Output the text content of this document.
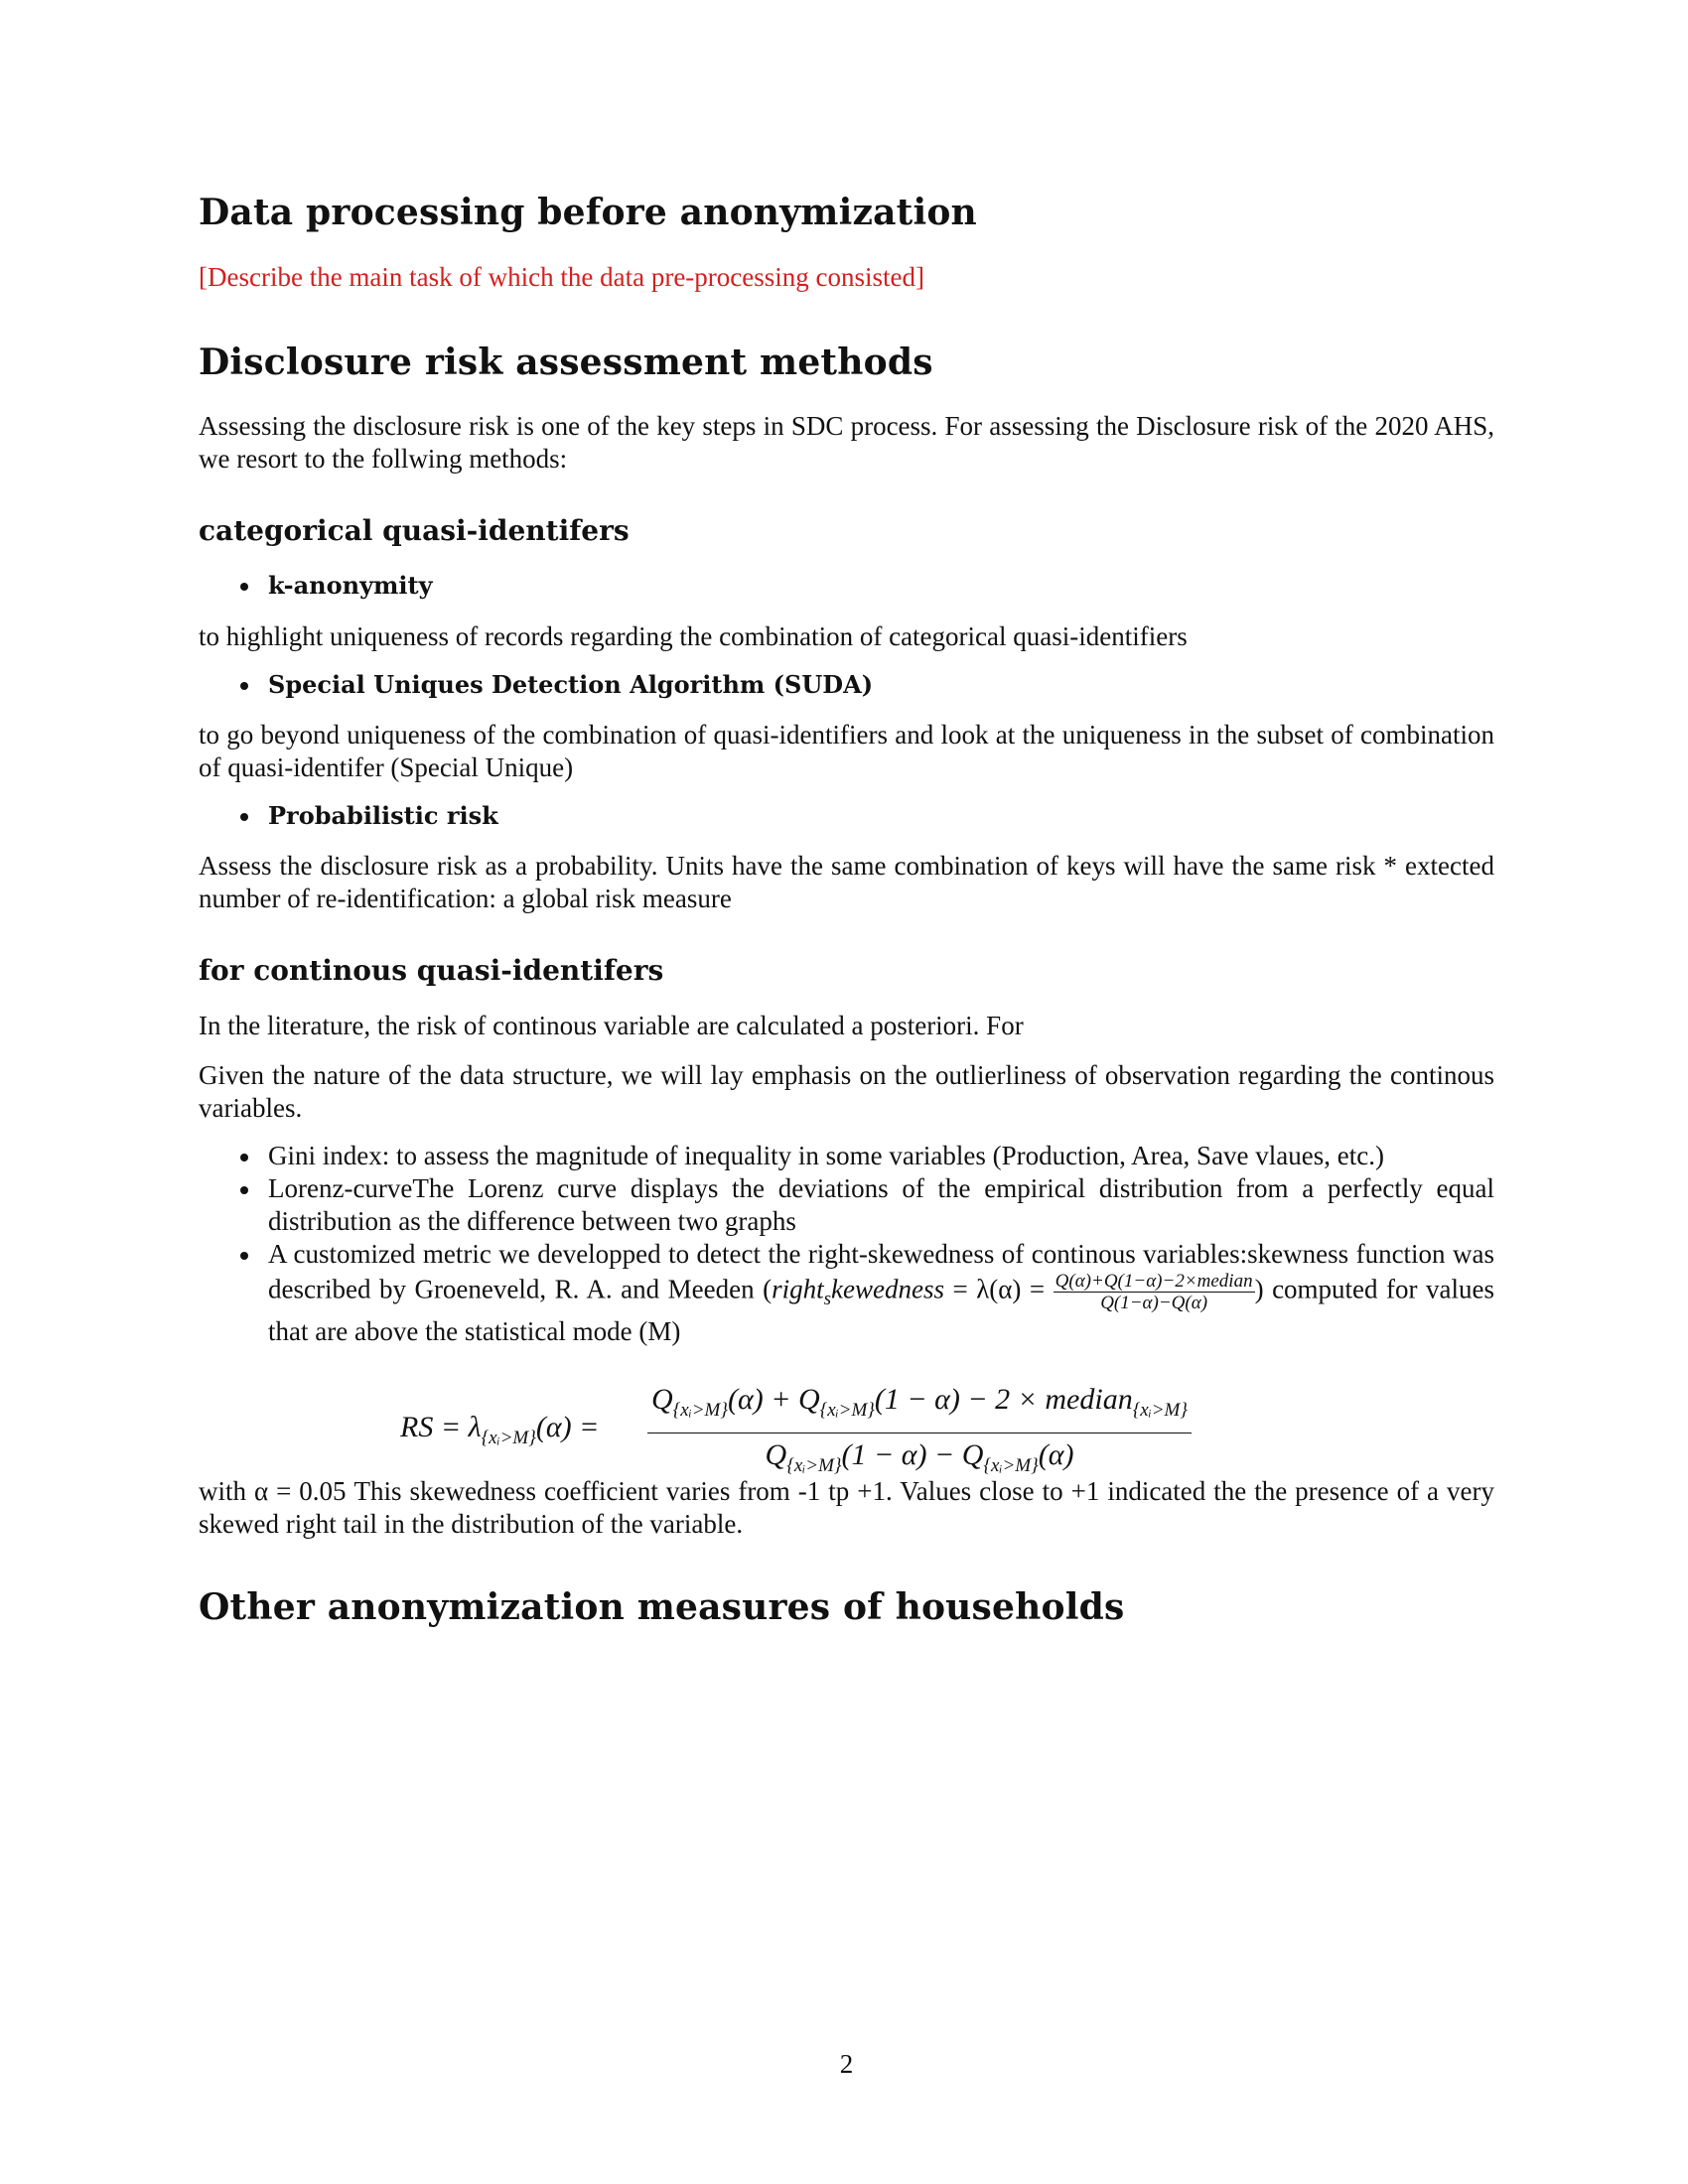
Data processing before anonymization

[Describe the main task of which the data pre-processing consisted]

Disclosure risk assessment methods

Assessing the disclosure risk is one of the key steps in SDC process. For assessing the Disclosure risk of the 2020 AHS, we resort to the follwing methods:

categorical quasi-identifers
k-anonymity

to highlight uniqueness of records regarding the combination of categorical quasi-identifiers

Special Uniques Detection Algorithm (SUDA)

to go beyond uniqueness of the combination of quasi-identifiers and look at the uniqueness in the subset of combination of quasi-identifer (Special Unique)

Probabilistic risk

Assess the disclosure risk as a probability. Units have the same combination of keys will have the same risk * extected number of re-identification: a global risk measure

for continous quasi-identifers

In the literature, the risk of continous variable are calculated a posteriori. For

Given the nature of the data structure, we will lay emphasis on the outlierliness of observation regarding the continous variables.

Gini index: to assess the magnitude of inequality in some variables (Production, Area, Save vlaues, etc.)
Lorenz-curveThe Lorenz curve displays the deviations of the empirical distribution from a perfectly equal distribution as the difference between two graphs
A customized metric we developped to detect the right-skewedness of continous variables:skewness function was described by Groeneveld, R. A. and Meeden (right$_s$kewedness = $\lambda(\alpha) = \frac{\text{Q(α)+Q(1−α)−2×median}}{Q(1-\alpha)-Q(\alpha)}$ ) computed for values that are above the statistical mode (M)
RS = $\lambda_{\{xᵢ>M\}}(\alpha)$ =
$Q_{\{xᵢ>M\}}(\alpha) + Q_{\{xᵢ>M\}}(1 - \alpha) - 2$ × median$_{\{xᵢ>M\}}$
$Q_{\{xᵢ>M\}}(1 - \alpha) - Q_{\{xᵢ>M\}}(\alpha)$

with α = 0.05 This skewedness coefficient varies from -1 tp +1. Values close to +1 indicated the the presence of a very skewed right tail in the distribution of the variable.

Other anonymization measures of households
2
